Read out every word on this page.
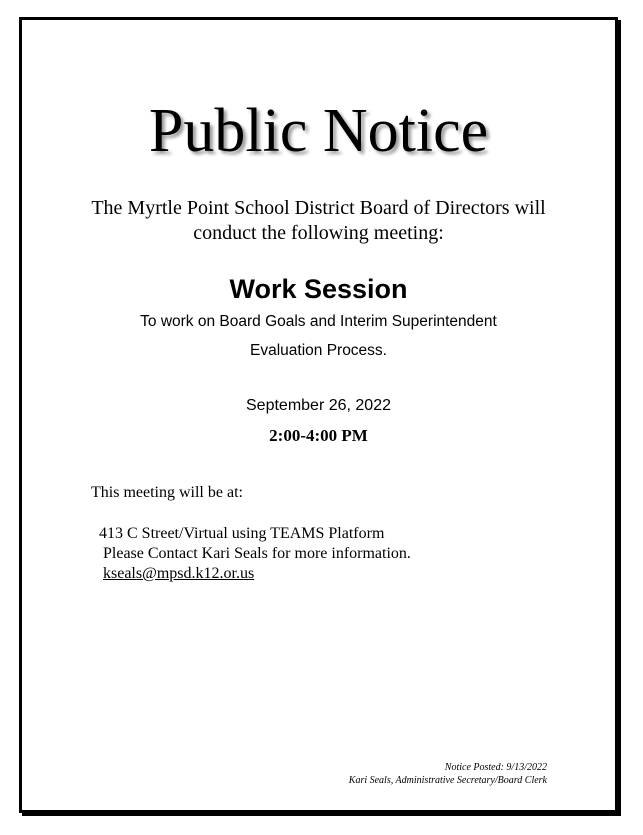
Public Notice
The Myrtle Point School District Board of Directors will
conduct the following meeting:
Work Session
To work on Board Goals and Interim Superintendent
Evaluation Process.
September 26, 2022
2:00-4:00 PM
This meeting will be at:
413 C Street/Virtual using TEAMS Platform
Please Contact Kari Seals for more information.
kseals@mpsd.k12.or.us
Notice Posted: 9/13/2022
Kari Seals, Administrative Secretary/Board Clerk
